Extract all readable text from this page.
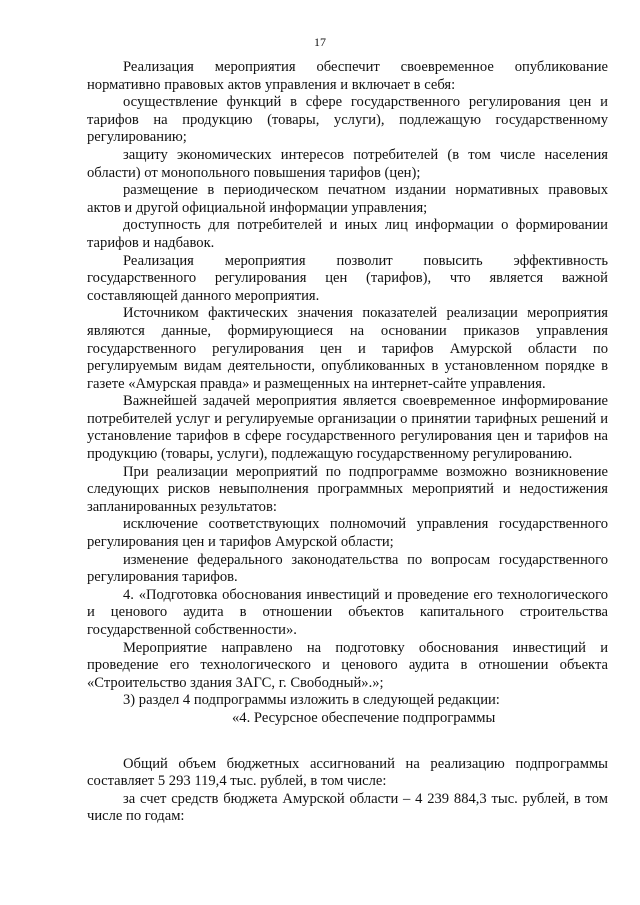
17

Реализация мероприятия обеспечит своевременное опубликование нормативно правовых актов управления и включает в себя:

осуществление функций в сфере государственного регулирования цен и тарифов на продукцию (товары, услуги), подлежащую государственному регулированию;

защиту экономических интересов потребителей (в том числе населения области) от монопольного повышения тарифов (цен);

размещение в периодическом печатном издании нормативных правовых актов и другой официальной информации управления;

доступность для потребителей и иных лиц информации о формировании тарифов и надбавок.

Реализация мероприятия позволит повысить эффективность государственного регулирования цен (тарифов), что является важной составляющей данного мероприятия.

Источником фактических значения показателей реализации мероприятия являются данные, формирующиеся на основании приказов управления государственного регулирования цен и тарифов Амурской области по регулируемым видам деятельности, опубликованных в установленном порядке в газете «Амурская правда» и размещенных на интернет-сайте управления.

Важнейшей задачей мероприятия является своевременное информирование потребителей услуг и регулируемые организации о принятии тарифных решений и установление тарифов в сфере государственного регулирования цен и тарифов на продукцию (товары, услуги), подлежащую государственному регулированию.

При реализации мероприятий по подпрограмме возможно возникновение следующих рисков невыполнения программных мероприятий и недостижения запланированных результатов:

исключение соответствующих полномочий управления государственного регулирования цен и тарифов Амурской области;

изменение федерального законодательства по вопросам государственного регулирования тарифов.

4. «Подготовка обоснования инвестиций и проведение его технологического и ценового аудита в отношении объектов капитального строительства государственной собственности».

Мероприятие направлено на подготовку обоснования инвестиций и проведение его технологического и ценового аудита в отношении объекта «Строительство здания ЗАГС, г. Свободный».»;

3) раздел 4 подпрограммы изложить в следующей редакции:

«4. Ресурсное обеспечение подпрограммы

Общий объем бюджетных ассигнований на реализацию подпрограммы составляет 5 293 119,4 тыс. рублей, в том числе:

за счет средств бюджета Амурской области – 4 239 884,3 тыс. рублей, в том числе по годам:
